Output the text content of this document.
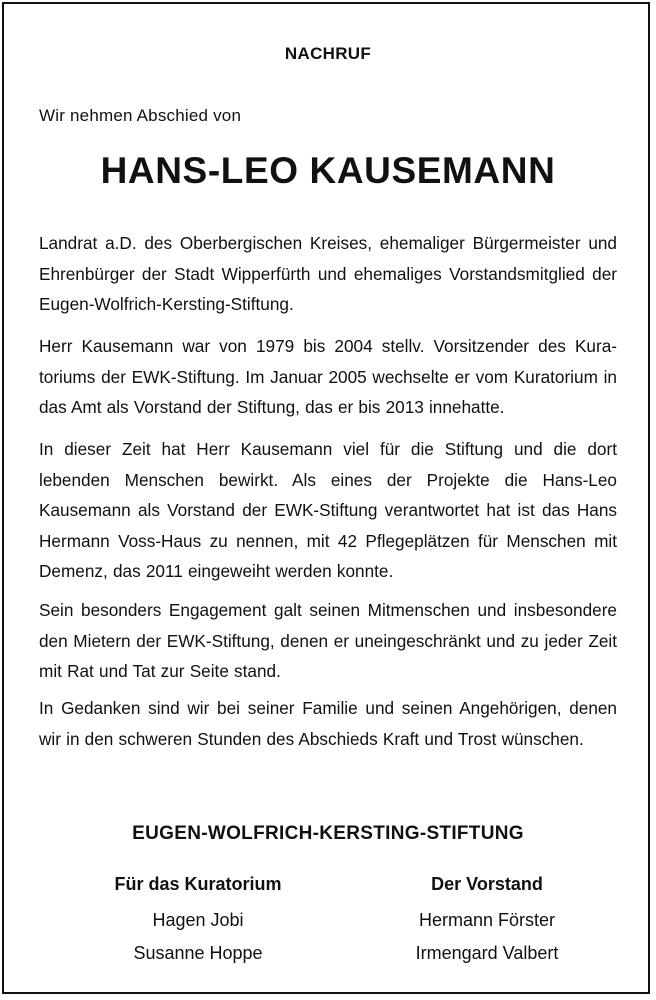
NACHRUF
Wir nehmen Abschied von
HANS-LEO KAUSEMANN
Landrat a.D. des Oberbergischen Kreises, ehemaliger Bürgermeister und Ehrenbürger der Stadt Wipperfürth und ehemaliges Vorstandsmitglied der Eugen-Wolfrich-Kersting-Stiftung.
Herr Kausemann war von 1979 bis 2004 stellv. Vorsitzender des Kuratoriums der EWK-Stiftung. Im Januar 2005 wechselte er vom Kuratorium in das Amt als Vorstand der Stiftung, das er bis 2013 innehatte.
In dieser Zeit hat Herr Kausemann viel für die Stiftung und die dort lebenden Menschen bewirkt. Als eines der Projekte die Hans-Leo Kausemann als Vorstand der EWK-Stiftung verantwortet hat ist das Hans Hermann Voss-Haus zu nennen, mit 42 Pflegeplätzen für Menschen mit Demenz, das 2011 eingeweiht werden konnte.
Sein besonders Engagement galt seinen Mitmenschen und insbesondere den Mietern der EWK-Stiftung, denen er uneingeschränkt und zu jeder Zeit mit Rat und Tat zur Seite stand.
In Gedanken sind wir bei seiner Familie und seinen Angehörigen, denen wir in den schweren Stunden des Abschieds Kraft und Trost wünschen.
EUGEN-WOLFRICH-KERSTING-STIFTUNG
Für das Kuratorium
Hagen Jobi
Susanne Hoppe
Der Vorstand
Hermann Förster
Irmengard Valbert
